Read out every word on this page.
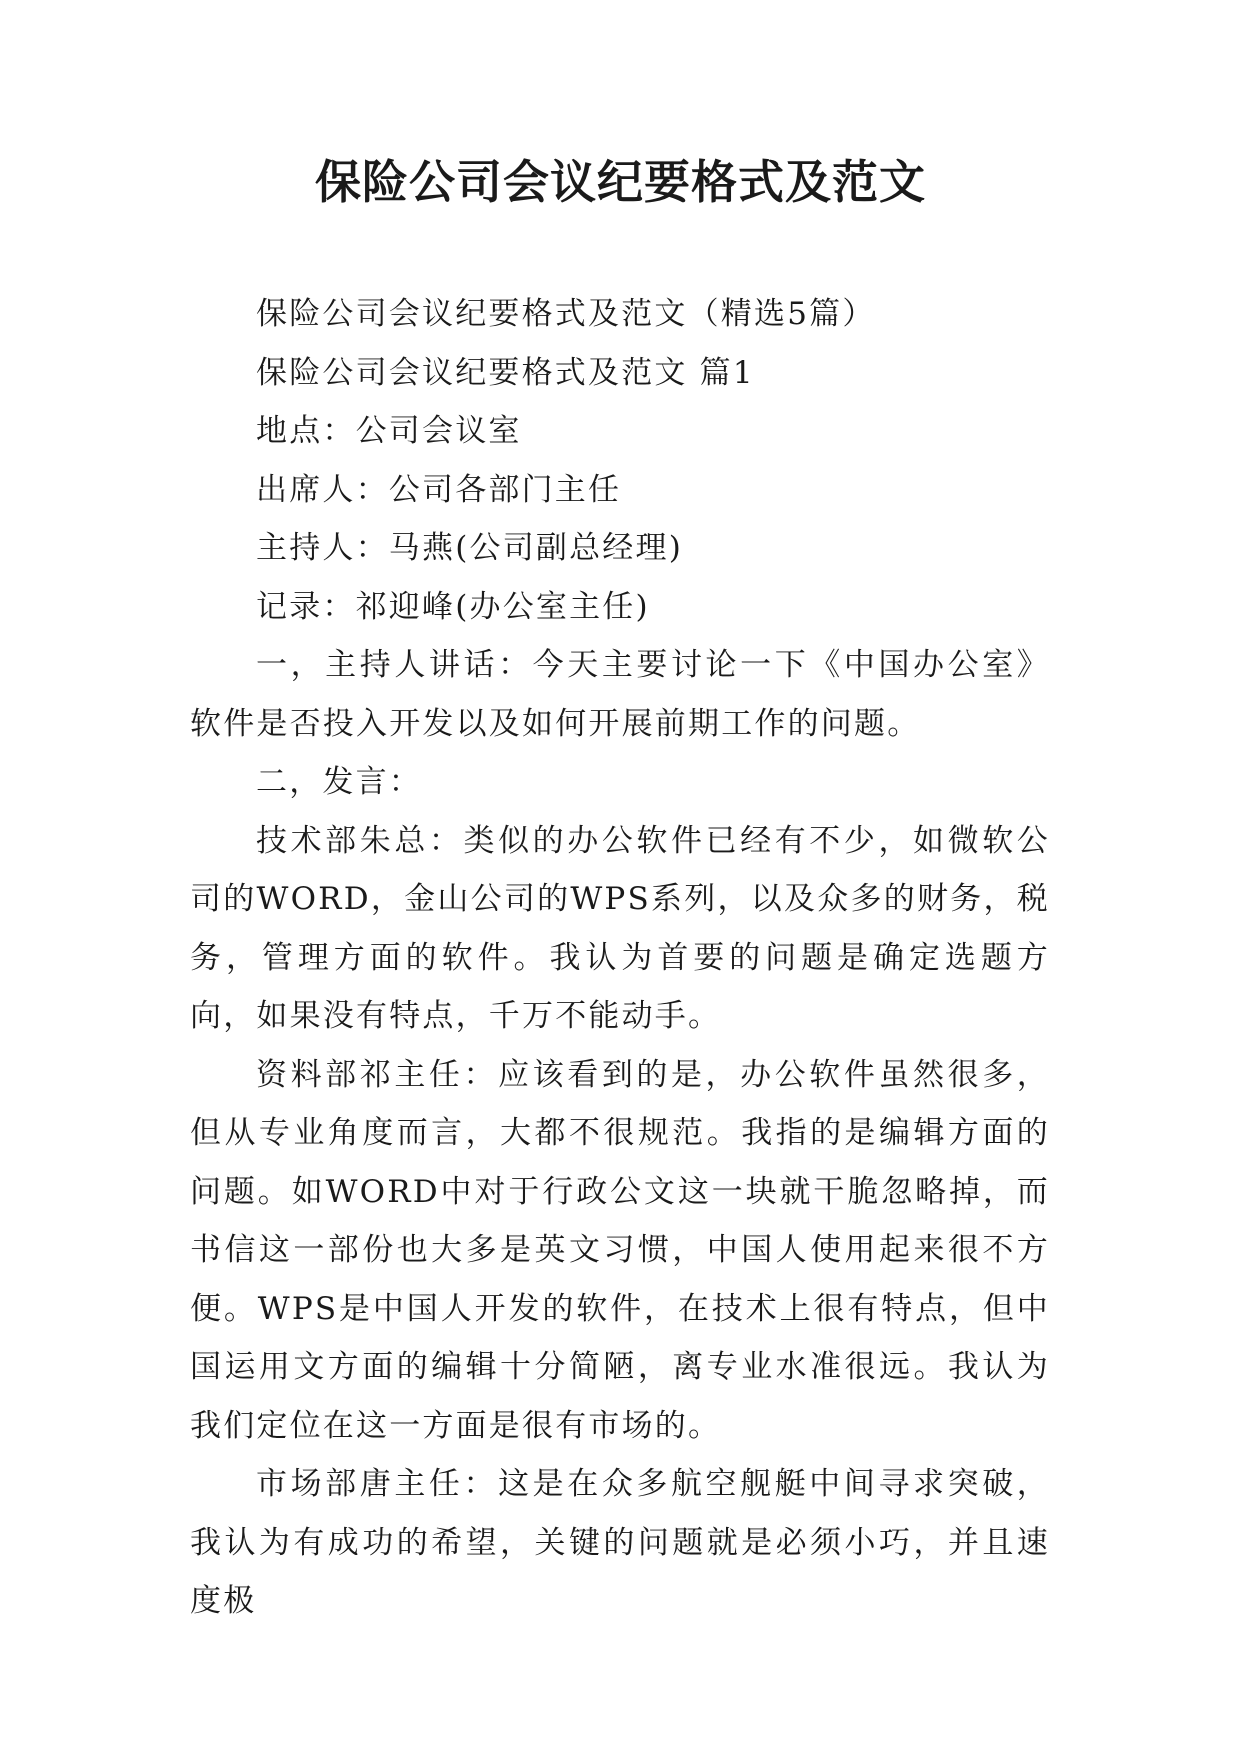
保险公司会议纪要格式及范文

保险公司会议纪要格式及范文（精选5篇）

保险公司会议纪要格式及范文 篇1

地点：公司会议室

出席人：公司各部门主任

主持人：马燕(公司副总经理)

记录：祁迎峰(办公室主任)

一，主持人讲话：今天主要讨论一下《中国办公室》软件是否投入开发以及如何开展前期工作的问题。

二，发言：

技术部朱总：类似的办公软件已经有不少，如微软公司的WORD，金山公司的WPS系列，以及众多的财务，税务，管理方面的软件。我认为首要的问题是确定选题方向，如果没有特点，千万不能动手。

资料部祁主任：应该看到的是，办公软件虽然很多，但从专业角度而言，大都不很规范。我指的是编辑方面的问题。如WORD中对于行政公文这一块就干脆忽略掉，而书信这一部份也大多是英文习惯，中国人使用起来很不方便。WPS是中国人开发的软件，在技术上很有特点，但中国运用文方面的编辑十分简陋，离专业水准很远。我认为我们定位在这一方面是很有市场的。

市场部唐主任：这是在众多航空舰艇中间寻求突破，我认为有成功的希望，关键的问题就是必须小巧，并且速度极
